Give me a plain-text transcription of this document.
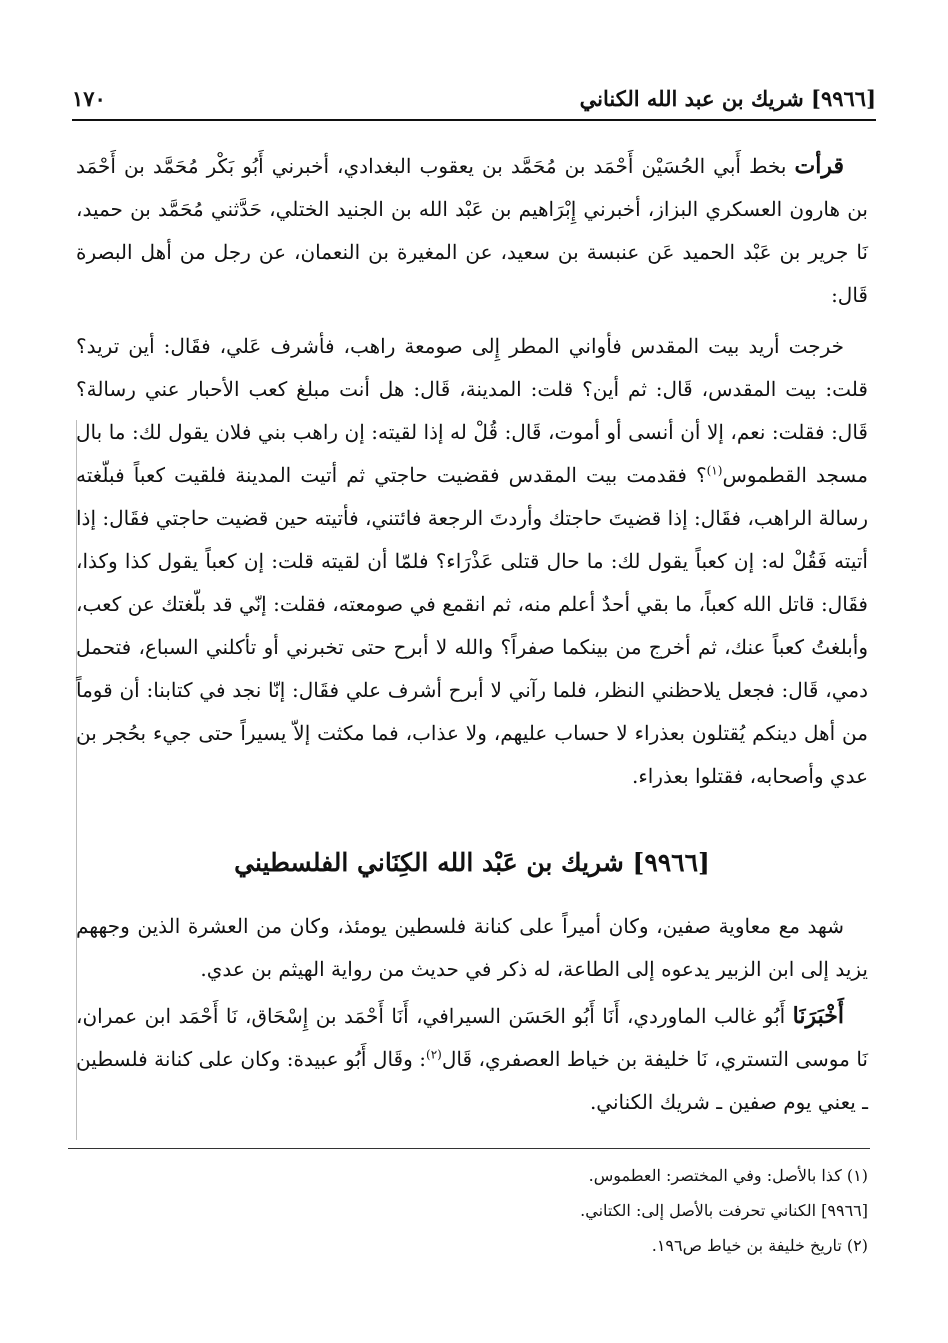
[٩٩٦٦] شريك بن عبد الله الكناني
١٧٠

قرأت بخط أَبي الحُسَيْن أَحْمَد بن مُحَمَّد بن يعقوب البغدادي، أخبرني أَبُو بَكْر مُحَمَّد بن أَحْمَد بن هارون العسكري البزاز، أخبرني إِبْرَاهيم بن عَبْد الله بن الجنيد الختلي، حَدَّثني مُحَمَّد بن حميد، نَا جرير بن عَبْد الحميد عَن عنبسة بن سعيد، عن المغيرة بن النعمان، عن رجل من أهل البصرة قَال:

خرجت أريد بيت المقدس فأواني المطر إِلى صومعة راهب، فأشرف عَلي، فقَال: أين تريد؟ قلت: بيت المقدس، قَال: ثم أين؟ قلت: المدينة، قَال: هل أنت مبلغ كعب الأحبار عني رسالة؟ قَال: فقلت: نعم، إلا أن أنسى أو أموت، قَال: قُلْ له إذا لقيته: إن راهب بني فلان يقول لك: ما بال مسجد القطموس$^{(١)}$؟ فقدمت بيت المقدس فقضيت حاجتي ثم أتيت المدينة فلقيت كعباً فبلّغته رسالة الراهب، فقَال: إذا قضيتَ حاجتك وأردتَ الرجعة فائتني، فأتيته حين قضيت حاجتي فقَال: إذا أتيته فَقُلْ له: إن كعباً يقول لك: ما حال قتلى عَذْرَاء؟ فلمّا أن لقيته قلت: إن كعباً يقول كذا وكذا، فقَال: قاتل الله كعباً، ما بقي أحدٌ أعلم منه، ثم انقمع في صومعته، فقلت: إنّي قد بلّغتك عن كعب، وأبلغتُ كعباً عنك، ثم أخرج من بينكما صفراً؟ والله لا أبرح حتى تخبرني أو تأكلني السباع، فتحمل دمي، قَال: فجعل يلاحظني النظر، فلما رآني لا أبرح أشرف علي فقَال: إنّا نجد في كتابنا: أن قوماً من أهل دينكم يُقتلون بعذراء لا حساب عليهم، ولا عذاب، فما مكثت إلاّ يسيراً حتى جيء بحُجر بن عدي وأصحابه، فقتلوا بعذراء.

[٩٩٦٦] شريك بن عَبْد الله الكِنَاني الفلسطيني

شهد مع معاوية صفين، وكان أميراً على كنانة فلسطين يومئذ، وكان من العشرة الذين وجههم يزيد إلى ابن الزبير يدعوه إلى الطاعة، له ذكر في حديث من رواية الهيثم بن عدي.

أَخْبَرَنَا أَبُو غالب الماوردي، أَنَا أَبُو الحَسَن السيرافي، أَنَا أَحْمَد بن إِسْحَاق، نَا أَحْمَد ابن عمران، نَا موسى التستري، نَا خليفة بن خياط العصفري، قَال$^{(٢)}$: وقَال أَبُو عبيدة: وكان على كنانة فلسطين ـ يعني يوم صفين ـ شريك الكناني.

(١) كذا بالأصل: وفي المختصر: العطموس.

[٩٩٦٦] الكناني تحرفت بالأصل إلى: الكتاني.

(٢) تاريخ خليفة بن خياط ص١٩٦.
